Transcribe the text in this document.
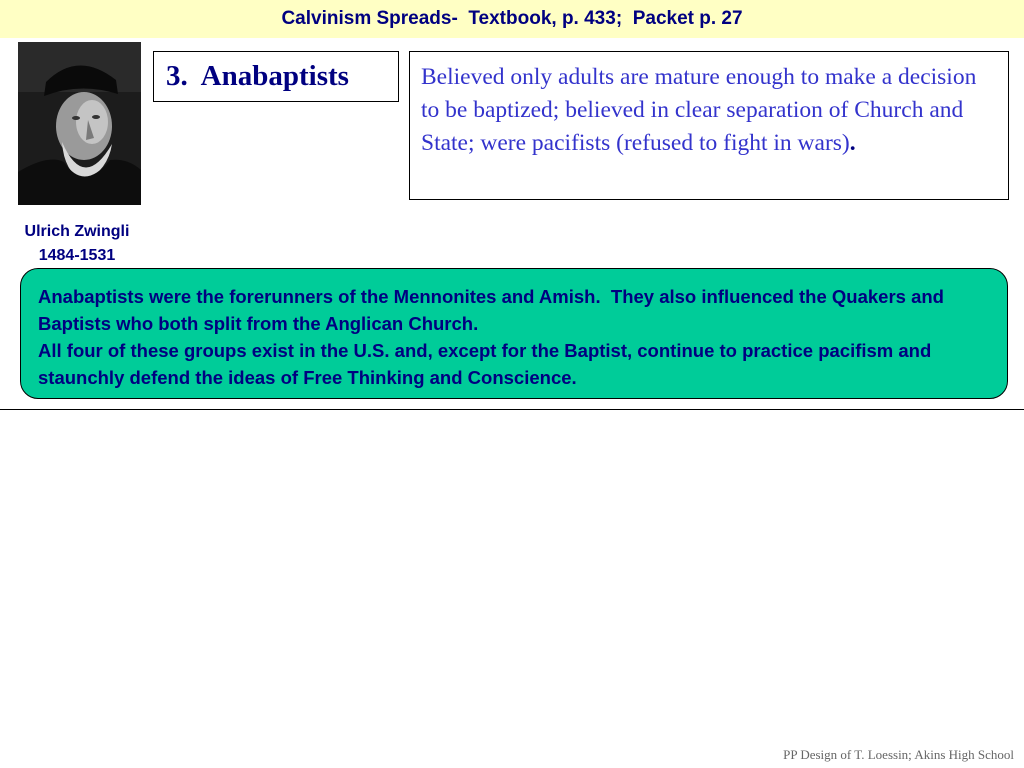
Calvinism Spreads-  Textbook, p. 433;  Packet p. 27
Ulrich Zwingli
1484-1531
3.  Anabaptists	Believed only adults are mature enough to make a decision to be baptized; believed in clear separation of Church and State; were pacifists (refused to fight in wars).

Anabaptists were the forerunners of the Mennonites and Amish.  They also influenced the Quakers and Baptists who both split from the Anglican Church.

All four of these groups exist in the U.S. and, except for the Baptist, continue to practice pacifism and staunchly defend the ideas of Free Thinking and Conscience.

PP Design of T. Loessin; Akins High School
